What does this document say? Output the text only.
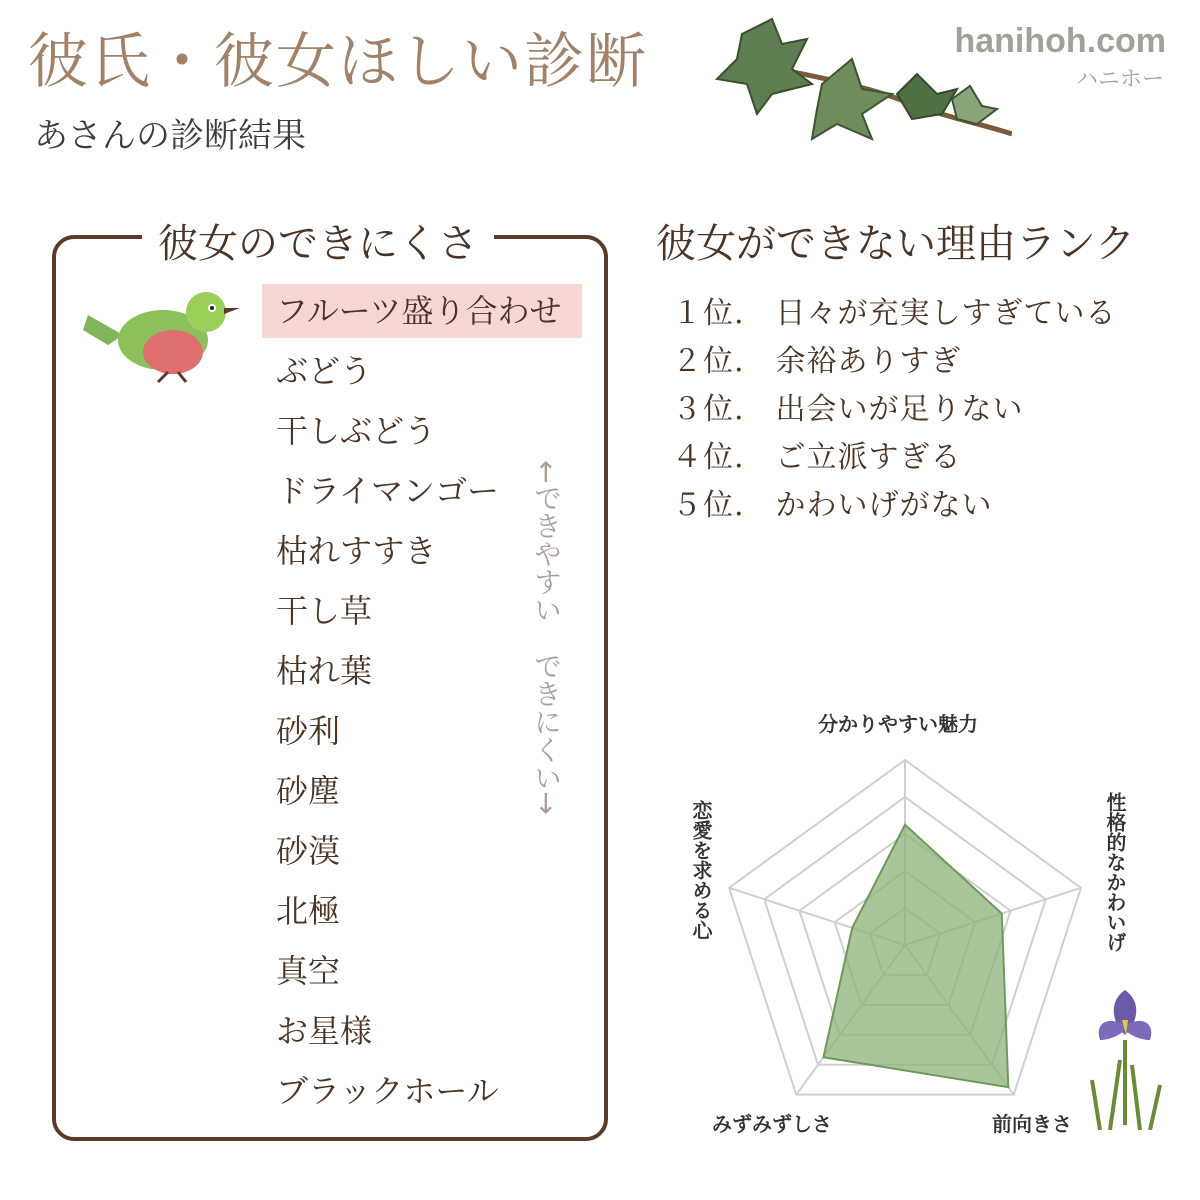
彼氏・彼女ほしい診断
あさんの診断結果
hanihoh.com
ハニホー
彼女のできにくさ
フルーツ盛り合わせ
ぶどう
干しぶどう
ドライマンゴー
枯れすすき
干し草
枯れ葉
砂利
砂塵
砂漠
北極
真空
お星様
ブラックホール
←できやすい　できにくい→
彼女ができない理由ランク
１位.　日々が充実しすぎている
２位.　余裕ありすぎ
３位.　出会いが足りない
４位.　ご立派すぎる
５位.　かわいげがない
分かりやすい魅力
性格的なかわいげ
前向きさ
みずみずしさ
恋愛を求める心
